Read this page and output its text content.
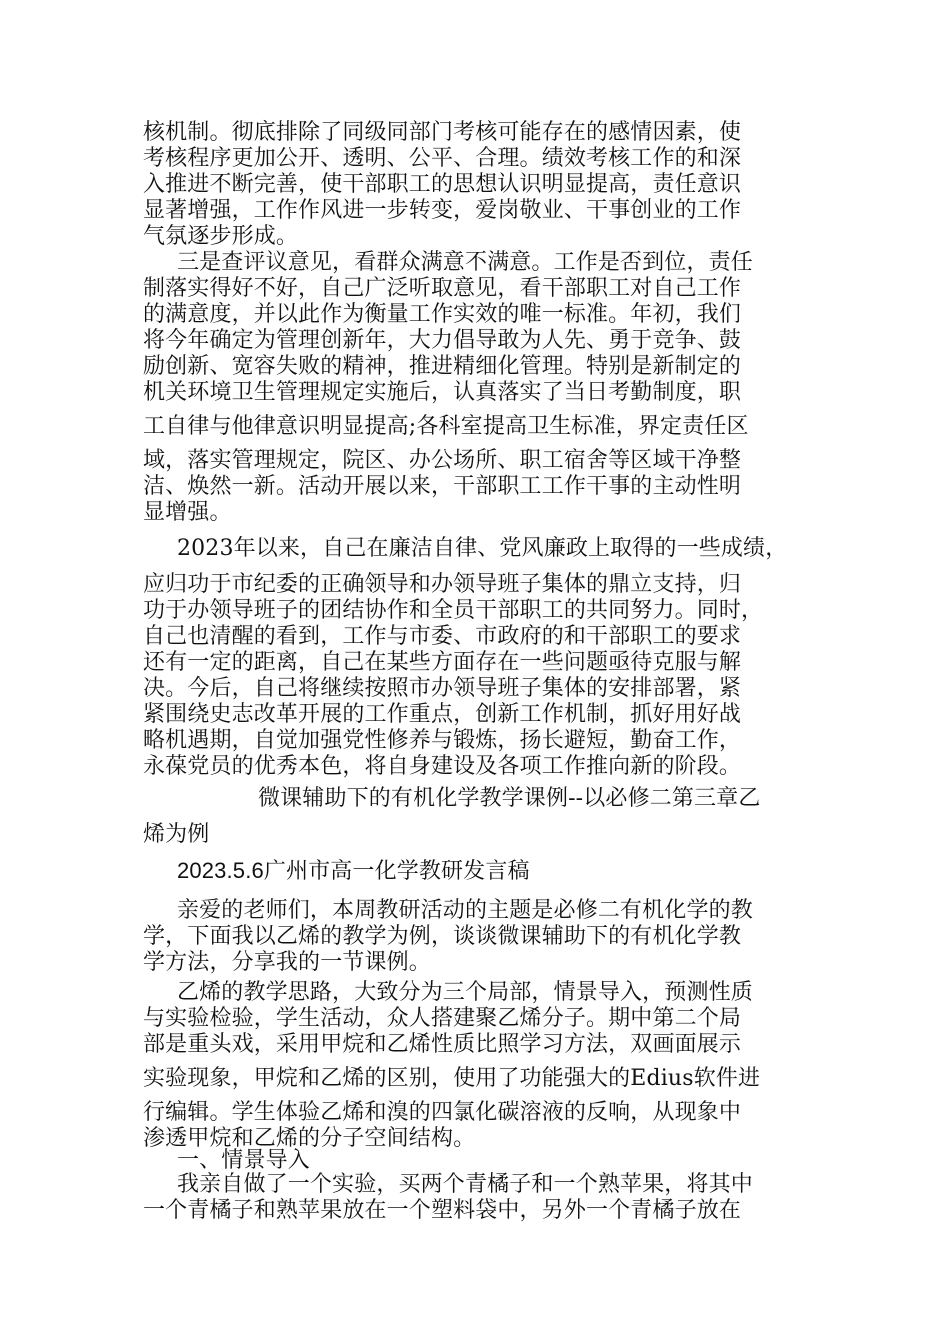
核机制。彻底排除了同级同部门考核可能存在的感情因素，使
考核程序更加公开、透明、公平、合理。绩效考核工作的和深
入推进不断完善，使干部职工的思想认识明显提高，责任意识
显著增强，工作作风进一步转变，爱岗敬业、干事创业的工作
气氛逐步形成。
三是查评议意见，看群众满意不满意。工作是否到位，责任
制落实得好不好，自己广泛听取意见，看干部职工对自己工作
的满意度，并以此作为衡量工作实效的唯一标准。年初，我们
将今年确定为管理创新年，大力倡导敢为人先、勇于竞争、鼓
励创新、宽容失败的精神，推进精细化管理。特别是新制定的
机关环境卫生管理规定实施后，认真落实了当日考勤制度，职
工自律与他律意识明显提高;各科室提高卫生标准，界定责任区
域，落实管理规定，院区、办公场所、职工宿舍等区域干净整
洁、焕然一新。活动开展以来，干部职工工作干事的主动性明
显增强。
2023年以来，自己在廉洁自律、党风廉政上取得的一些成绩，
应归功于市纪委的正确领导和办领导班子集体的鼎立支持，归
功于办领导班子的团结协作和全员干部职工的共同努力。同时，
自己也清醒的看到，工作与市委、市政府的和干部职工的要求
还有一定的距离，自己在某些方面存在一些问题亟待克服与解
决。今后，自己将继续按照市办领导班子集体的安排部署，紧
紧围绕史志改革开展的工作重点，创新工作机制，抓好用好战
略机遇期，自觉加强党性修养与锻炼，扬长避短，勤奋工作，
永葆党员的优秀本色，将自身建设及各项工作推向新的阶段。
微课辅助下的有机化学教学课例--以必修二第三章乙
烯为例
2023.5.6广州市高一化学教研发言稿
亲爱的老师们，本周教研活动的主题是必修二有机化学的教
学，下面我以乙烯的教学为例，谈谈微课辅助下的有机化学教
学方法，分享我的一节课例。
乙烯的教学思路，大致分为三个局部，情景导入，预测性质
与实验检验，学生活动，众人搭建聚乙烯分子。期中第二个局
部是重头戏，采用甲烷和乙烯性质比照学习方法，双画面展示
实验现象，甲烷和乙烯的区别，使用了功能强大的Edius软件进
行编辑。学生体验乙烯和溴的四氯化碳溶液的反响，从现象中
渗透甲烷和乙烯的分子空间结构。
一、情景导入
我亲自做了一个实验，买两个青橘子和一个熟苹果，将其中
一个青橘子和熟苹果放在一个塑料袋中，另外一个青橘子放在
